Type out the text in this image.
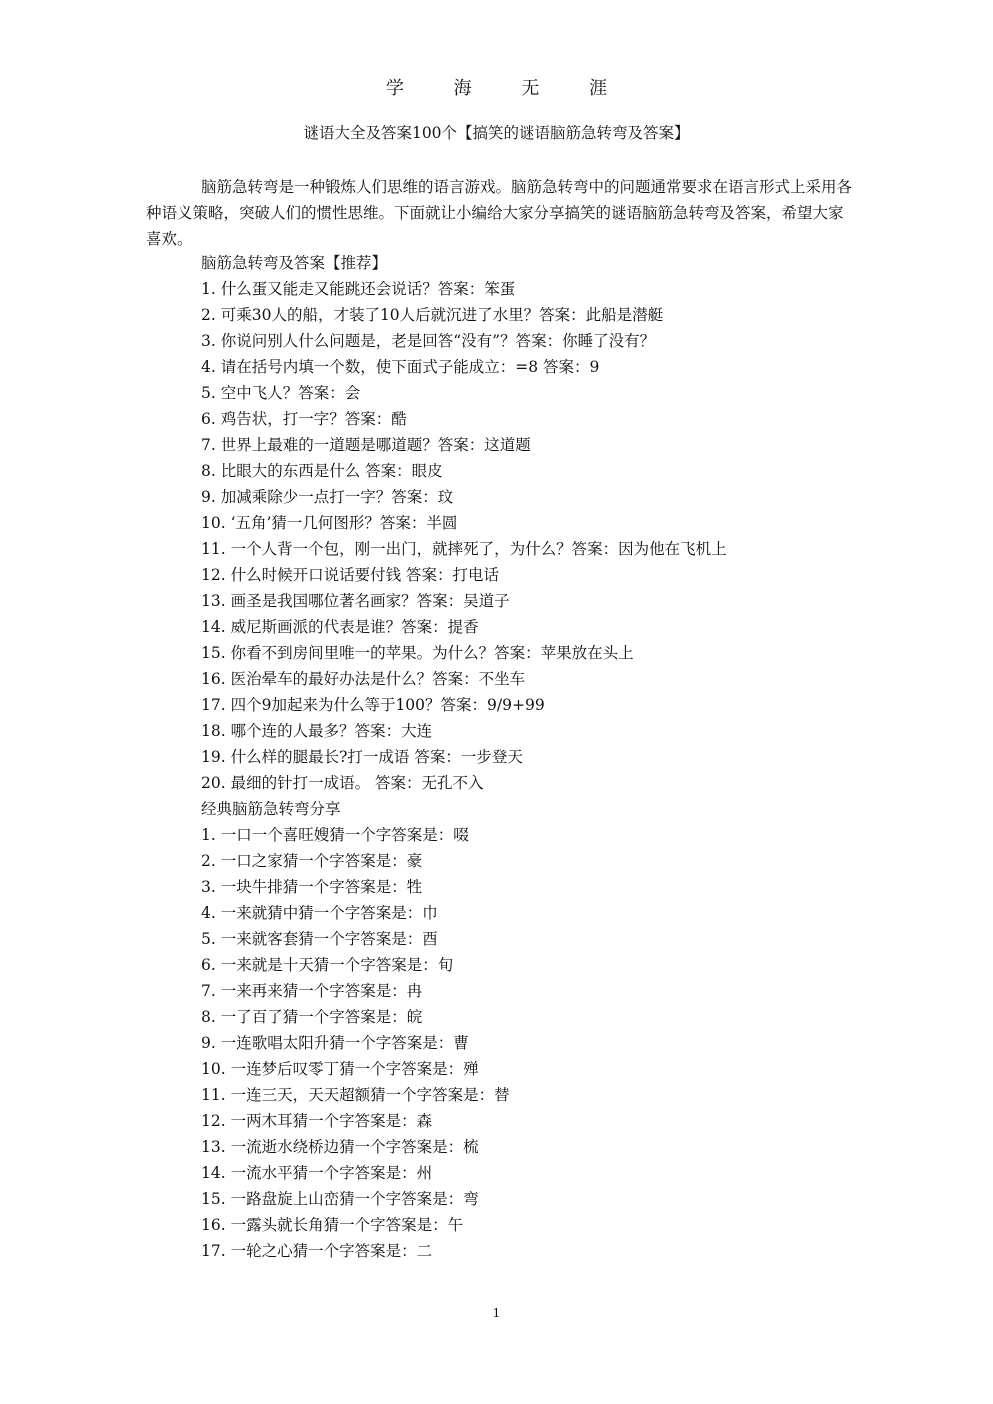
学 海 无 涯
谜语大全及答案100个【搞笑的谜语脑筋急转弯及答案】
脑筋急转弯是一种锻炼人们思维的语言游戏。脑筋急转弯中的问题通常要求在语言形式上采用各种语义策略，突破人们的惯性思维。下面就让小编给大家分享搞笑的谜语脑筋急转弯及答案，希望大家喜欢。
脑筋急转弯及答案【推荐】
1. 什么蛋又能走又能跳还会说话？答案：笨蛋
2. 可乘30人的船，才装了10人后就沉进了水里？答案：此船是潜艇
3. 你说问别人什么问题是，老是回答“没有”？答案：你睡了没有？
4. 请在括号内填一个数，使下面式子能成立：=8 答案：9
5. 空中飞人？答案：会
6. 鸡告状，打一字？答案：酷
7. 世界上最难的一道题是哪道题？答案：这道题
8. 比眼大的东西是什么 答案：眼皮
9. 加减乘除少一点打一字？答案：玟
10. ‘五角’猜一几何图形？答案：半圆
11. 一个人背一个包，刚一出门，就摔死了，为什么？答案：因为他在飞机上
12. 什么时候开口说话要付钱 答案：打电话
13. 画圣是我国哪位著名画家？答案：吴道子
14. 威尼斯画派的代表是谁？答案：提香
15. 你看不到房间里唯一的苹果。为什么？答案：苹果放在头上
16. 医治晕车的最好办法是什么？答案：不坐车
17. 四个9加起来为什么等于100？答案：9/9+99
18. 哪个连的人最多？答案：大连
19. 什么样的腿最长?打一成语 答案：一步登天
20. 最细的针打一成语。 答案：无孔不入
经典脑筋急转弯分享
1. 一口一个喜旺嫂猜一个字答案是：啜
2. 一口之家猜一个字答案是：豪
3. 一块牛排猜一个字答案是：牲
4. 一来就猜中猜一个字答案是：巾
5. 一来就客套猜一个字答案是：酉
6. 一来就是十天猜一个字答案是：旬
7. 一来再来猜一个字答案是：冉
8. 一了百了猜一个字答案是：皖
9. 一连歌唱太阳升猜一个字答案是：曹
10. 一连梦后叹零丁猜一个字答案是：殚
11. 一连三天，天天超额猜一个字答案是：替
12. 一两木耳猜一个字答案是：森
13. 一流逝水绕桥边猜一个字答案是：梳
14. 一流水平猜一个字答案是：州
15. 一路盘旋上山峦猜一个字答案是：弯
16. 一露头就长角猜一个字答案是：午
17. 一轮之心猜一个字答案是：二
1
